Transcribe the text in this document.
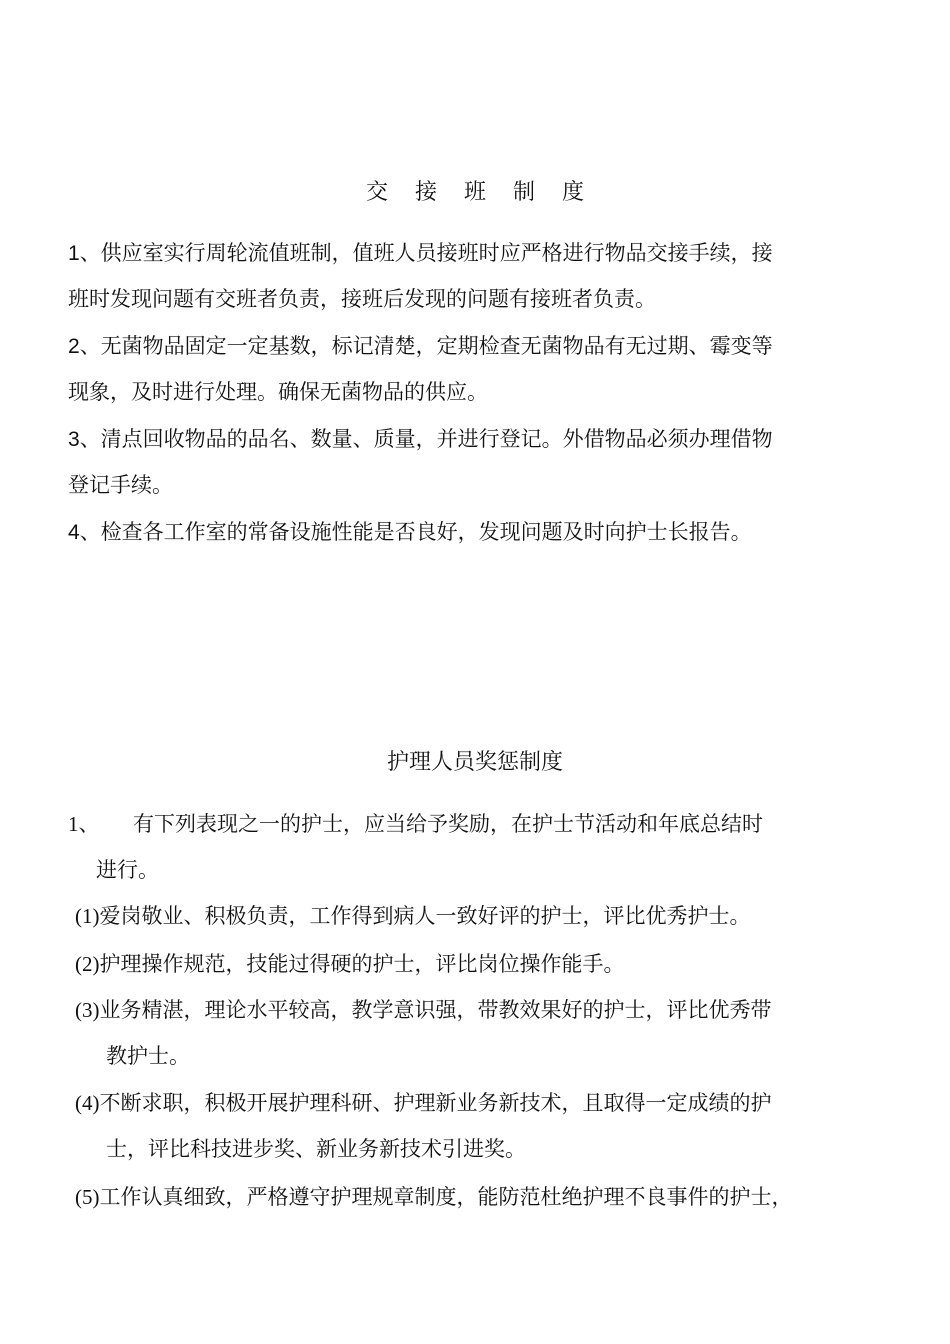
交 接 班 制 度
1、供应室实行周轮流值班制，值班人员接班时应严格进行物品交接手续，接
班时发现问题有交班者负责，接班后发现的问题有接班者负责。
2、无菌物品固定一定基数，标记清楚，定期检查无菌物品有无过期、霉变等
现象，及时进行处理。确保无菌物品的供应。
3、清点回收物品的品名、数量、质量，并进行登记。外借物品必须办理借物
登记手续。
4、检查各工作室的常备设施性能是否良好，发现问题及时向护士长报告。
护理人员奖惩制度
1、 有下列表现之一的护士，应当给予奖励，在护士节活动和年底总结时
进行。
(1)爱岗敬业、积极负责，工作得到病人一致好评的护士，评比优秀护士。
(2)护理操作规范，技能过得硬的护士，评比岗位操作能手。
(3)业务精湛，理论水平较高，教学意识强，带教效果好的护士，评比优秀带
教护士。
(4)不断求职，积极开展护理科研、护理新业务新技术，且取得一定成绩的护
士，评比科技进步奖、新业务新技术引进奖。
(5)工作认真细致，严格遵守护理规章制度，能防范杜绝护理不良事件的护士，
